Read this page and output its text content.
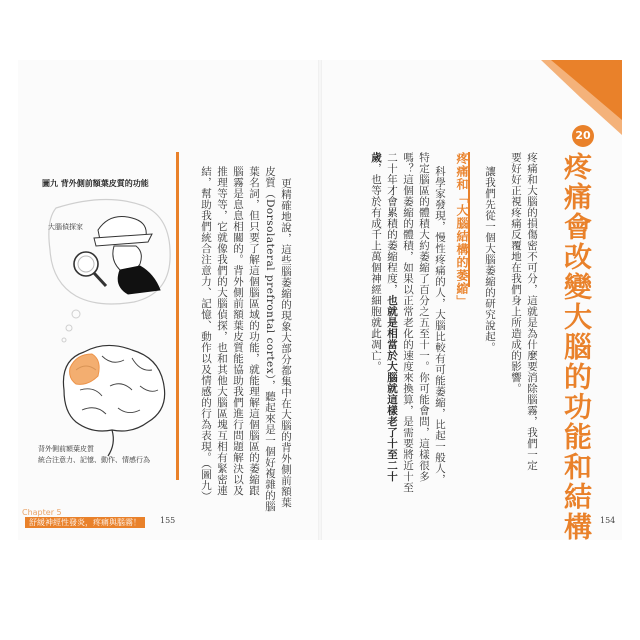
20
疼痛會改變大腦的功能和結構
疼痛和大腦的損傷密不可分，這就是為什麼要消除腦霧，我們一定
要好好正視疼痛反覆地在我們身上所造成的影響。
讓我們先從一個大腦萎縮的研究說起。
疼痛和「大腦結構的萎縮」
科學家發現，慢性疼痛的人，大腦比較有可能萎縮，比起一般人，
特定腦區的體積大約萎縮了百分之五至十一。你可能會問，這樣很多
嗎？這個萎縮的體積，如果以正常老化的速度來換算，是需要將近十至
二十年才會累積的萎縮程度，也就是相當於大腦就這樣老了十至二十
歲，也等於有成千上萬個神經細胞就此凋亡。
154
更精確地說，這些腦萎縮的現象大部分都集中在大腦的背外側前額葉
皮質（Dorsolateral prefrontal cortex），聽起來是一個好複雜的腦
葉名詞，但只要了解這個腦區域的功能，就能理解這個腦區的萎縮跟
腦霧是息息相關的。背外側前額葉皮質能協助我們進行問題解決以及
推理等等，它就像我們的大腦偵探，也和其他大腦區塊互相有緊密連
結，幫助我們統合注意力、記憶、動作以及情感的行為表現。（圖九）
圖九 背外側前額葉皮質的功能
大腦偵探家
背外側前額葉皮質
統合注意力、記憶、動作、情感行為
Chapter 5
舒緩神經性發炎，疼痛與腦霧！	155
